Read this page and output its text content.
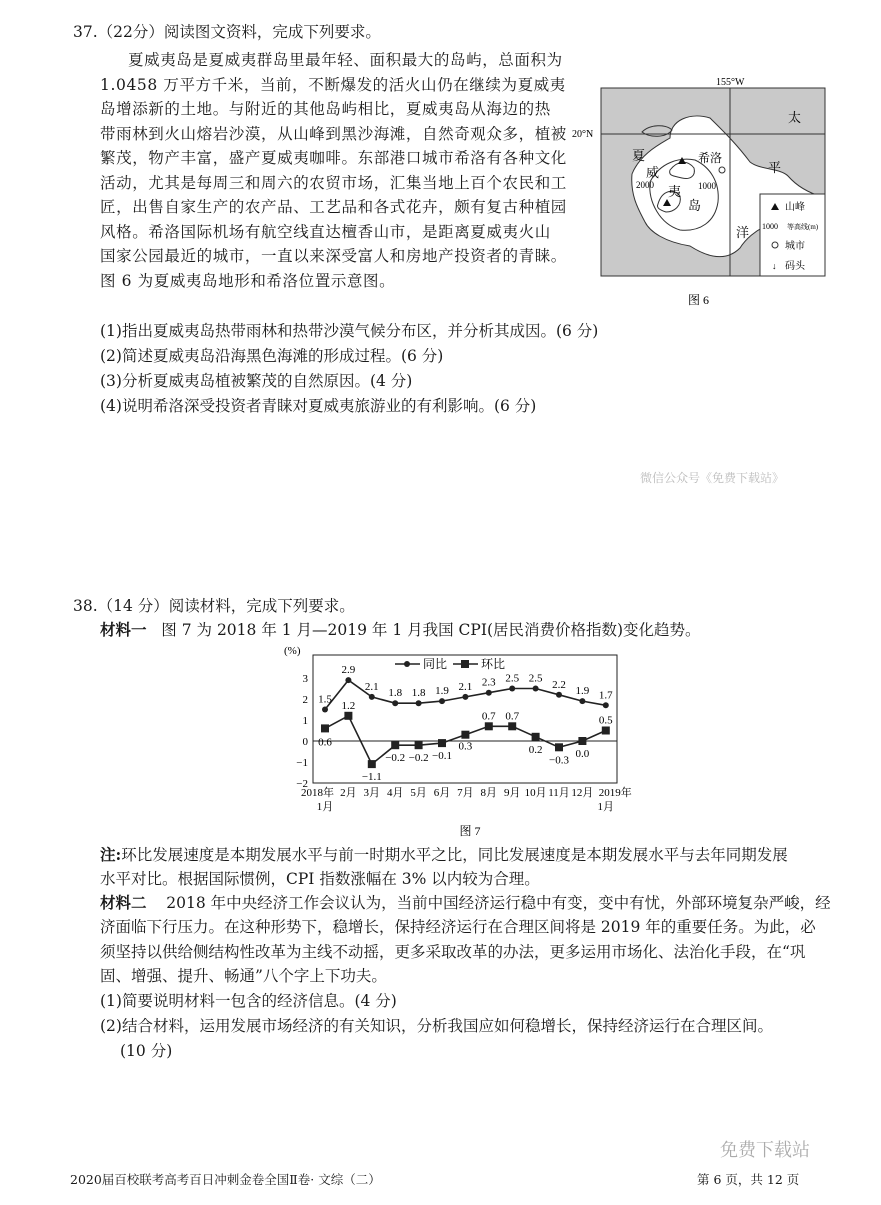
37.（22分）阅读图文资料，完成下列要求。
夏威夷岛是夏威夷群岛里最年轻、面积最大的岛屿，总面积为
1.0458 万平方千米，当前，不断爆发的活火山仍在继续为夏威夷
岛增添新的土地。与附近的其他岛屿相比，夏威夷岛从海边的热
带雨林到火山熔岩沙漠，从山峰到黑沙海滩，自然奇观众多，植被
繁茂，物产丰富，盛产夏威夷咖啡。东部港口城市希洛有各种文化
活动，尤其是每周三和周六的农贸市场，汇集当地上百个农民和工
匠，出售自家生产的农产品、工艺品和各式花卉，颇有复古种植园
风格。希洛国际机场有航空线直达檀香山市，是距离夏威夷火山
国家公园最近的城市，一直以来深受富人和房地产投资者的青睐。
图 6 为夏威夷岛地形和希洛位置示意图。
(1)指出夏威夷岛热带雨林和热带沙漠气候分布区，并分析其成因。(6 分)
(2)简述夏威夷岛沿海黑色海滩的形成过程。(6 分)
(3)分析夏威夷岛植被繁茂的自然原因。(4 分)
(4)说明希洛深受投资者青睐对夏威夷旅游业的有利影响。(6 分)
155°W
20°N
太
平
洋
夏
威
夷
岛
希洛
2000	1000
山峰
1000 等高线(m)
城市
↓ 码头
图 6
38.（14 分）阅读材料，完成下列要求。
材料一 图 7 为 2018 年 1 月—2019 年 1 月我国 CPI(居民消费价格指数)变化趋势。
(%)
3
2
1
0
−1
−2
2018年
1月
2月 3月 4月 5月 6月 7月 8月 9月 10月 11月 12月 2019年
1月
同比	环比
1.5
2.9
2.1
1.8 1.8 1.9 2.1 2.3 2.5 2.5
2.2
1.9 1.7
0.6
1.2
−1.1
−0.2 −0.2 −0.1
0.3
0.7 0.7
0.2
−0.3
0.0
0.5
图 7
注:环比发展速度是本期发展水平与前一时期水平之比，同比发展速度是本期发展水平与去年同期发展
水平对比。根据国际惯例，CPI 指数涨幅在 3% 以内较为合理。
材料二 2018 年中央经济工作会议认为，当前中国经济运行稳中有变，变中有忧，外部环境复杂严峻，经
济面临下行压力。在这种形势下，稳增长，保持经济运行在合理区间将是 2019 年的重要任务。为此，必
须坚持以供给侧结构性改革为主线不动摇，更多采取改革的办法，更多运用市场化、法治化手段，在“巩
固、增强、提升、畅通”八个字上下功夫。
(1)简要说明材料一包含的经济信息。(4 分)
(2)结合材料，运用发展市场经济的有关知识，分析我国应如何稳增长，保持经济运行在合理区间。
(10 分)
微信公众号《免费下载站》
2020届百校联考高考百日冲刺金卷全国Ⅱ卷· 文综（二）	第 6 页，共 12 页
免费下载站
